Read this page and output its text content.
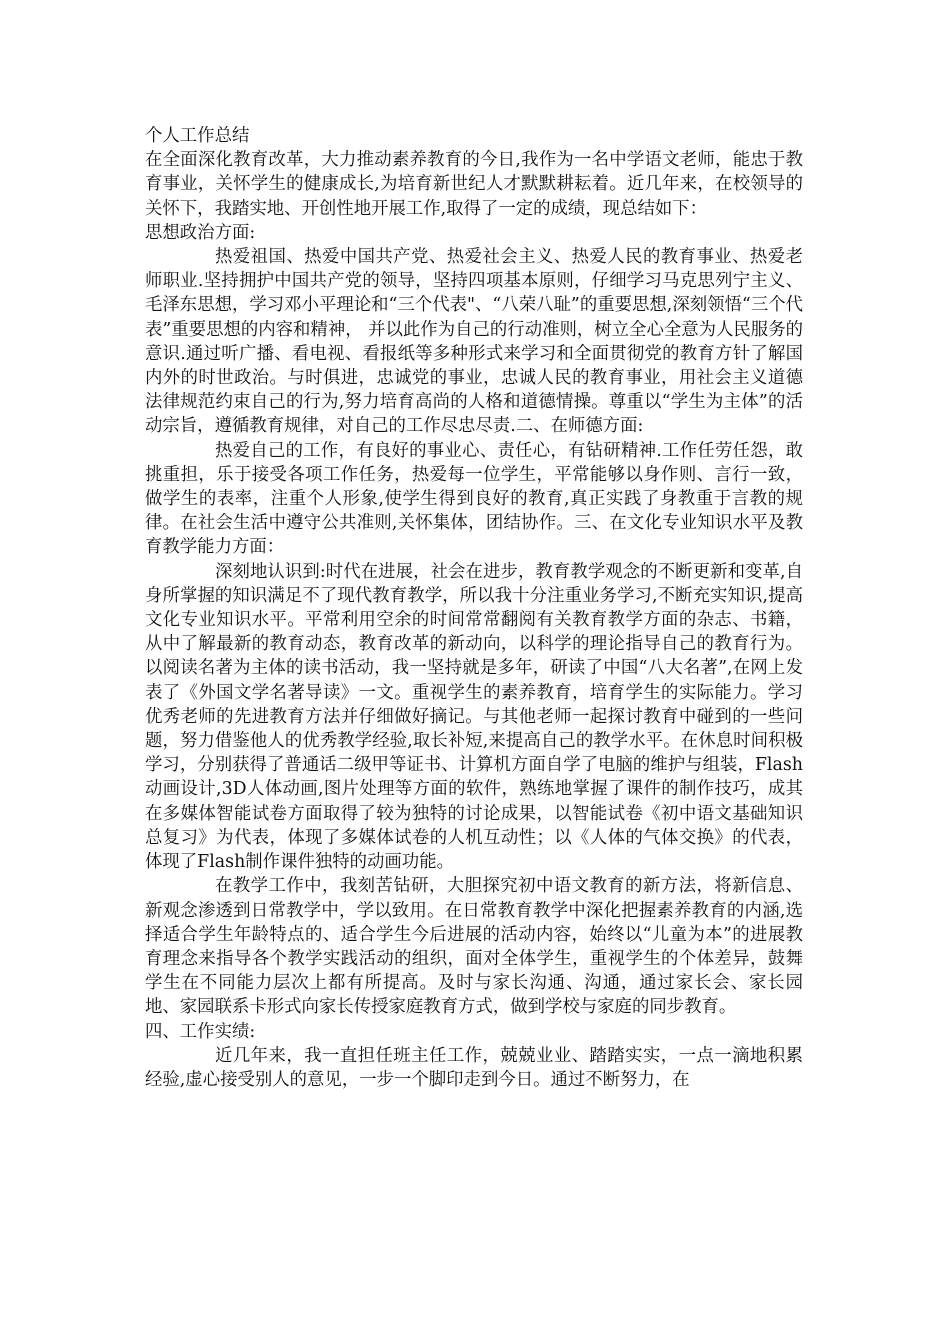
个人工作总结

在全面深化教育改革，大力推动素养教育的今日,我作为一名中学语文老师，能忠于教育事业，关怀学生的健康成长,为培育新世纪人才默默耕耘着。近几年来，在校领导的关怀下，我踏实地、开创性地开展工作,取得了一定的成绩，现总结如下：

思想政治方面:

热爱祖国、热爱中国共产党、热爱社会主义、热爱人民的教育事业、热爱老师职业.坚持拥护中国共产党的领导，坚持四项基本原则，仔细学习马克思列宁主义、毛泽东思想，学习邓小平理论和“三个代表"、“八荣八耻”的重要思想,深刻领悟“三个代表”重要思想的内容和精神， 并以此作为自己的行动准则，树立全心全意为人民服务的意识.通过听广播、看电视、看报纸等多种形式来学习和全面贯彻党的教育方针了解国内外的时世政治。与时俱进，忠诚党的事业，忠诚人民的教育事业，用社会主义道德法律规范约束自己的行为,努力培育高尚的人格和道德情操。尊重以“学生为主体”的活动宗旨，遵循教育规律，对自己的工作尽忠尽责.二、在师德方面:

热爱自己的工作，有良好的事业心、责任心，有钻研精神.工作任劳任怨，敢挑重担，乐于接受各项工作任务，热爱每一位学生，平常能够以身作则、言行一致，做学生的表率，注重个人形象,使学生得到良好的教育,真正实践了身教重于言教的规律。在社会生活中遵守公共准则,关怀集体，团结协作。三、在文化专业知识水平及教育教学能力方面：

深刻地认识到:时代在进展，社会在进步，教育教学观念的不断更新和变革,自身所掌握的知识满足不了现代教育教学，所以我十分注重业务学习,不断充实知识,提高文化专业知识水平。平常利用空余的时间常常翻阅有关教育教学方面的杂志、书籍，从中了解最新的教育动态，教育改革的新动向，以科学的理论指导自己的教育行为。以阅读名著为主体的读书活动，我一坚持就是多年，研读了中国“八大名著”,在网上发表了《外国文学名著导读》一文。重视学生的素养教育，培育学生的实际能力。学习优秀老师的先进教育方法并仔细做好摘记。与其他老师一起探讨教育中碰到的一些问题，努力借鉴他人的优秀教学经验,取长补短,来提高自己的教学水平。在休息时间积极学习，分别获得了普通话二级甲等证书、计算机方面自学了电脑的维护与组装，Flash动画设计,3D人体动画,图片处理等方面的软件，熟练地掌握了课件的制作技巧，成其在多媒体智能试卷方面取得了较为独特的讨论成果，以智能试卷《初中语文基础知识总复习》为代表，体现了多媒体试卷的人机互动性；以《人体的气体交换》的代表，体现了Flash制作课件独特的动画功能。

在教学工作中，我刻苦钻研，大胆探究初中语文教育的新方法，将新信息、新观念渗透到日常教学中，学以致用。在日常教育教学中深化把握素养教育的内涵,选择适合学生年龄特点的、适合学生今后进展的活动内容，始终以“儿童为本”的进展教育理念来指导各个教学实践活动的组织，面对全体学生，重视学生的个体差异，鼓舞学生在不同能力层次上都有所提高。及时与家长沟通、沟通，通过家长会、家长园地、家园联系卡形式向家长传授家庭教育方式，做到学校与家庭的同步教育。

四、工作实绩:

近几年来，我一直担任班主任工作，兢兢业业、踏踏实实，一点一滴地积累经验,虚心接受别人的意见，一步一个脚印走到今日。通过不断努力，在
